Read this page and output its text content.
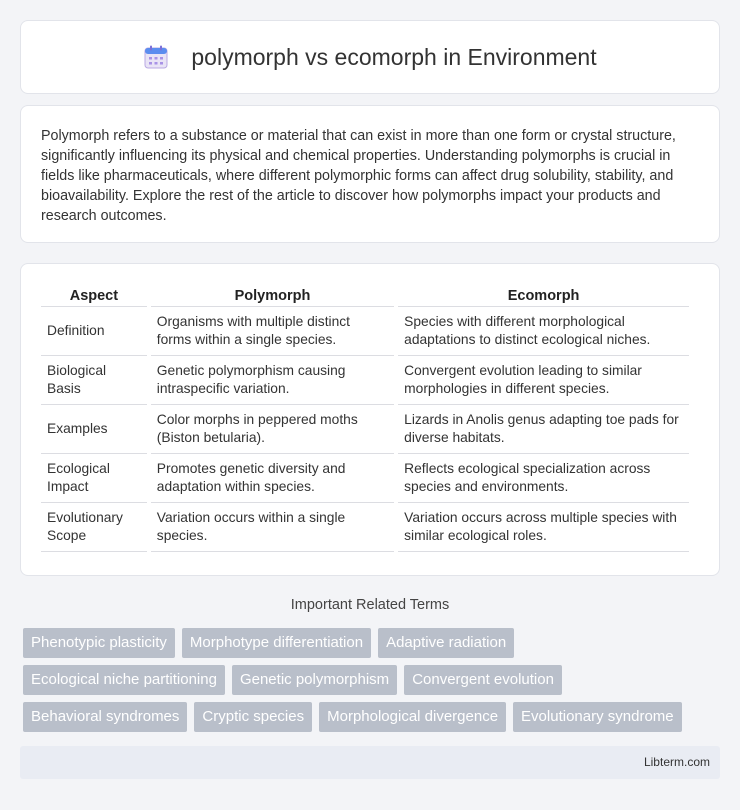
polymorph vs ecomorph in Environment

Polymorph refers to a substance or material that can exist in more than one form or crystal structure, significantly influencing its physical and chemical properties. Understanding polymorphs is crucial in fields like pharmaceuticals, where different polymorphic forms can affect drug solubility, stability, and bioavailability. Explore the rest of the article to discover how polymorphs impact your products and research outcomes.

Aspect	Polymorph	Ecomorph
Definition	Organisms with multiple distinct forms within a single species.	Species with different morphological adaptations to distinct ecological niches.
Biological Basis	Genetic polymorphism causing intraspecific variation.	Convergent evolution leading to similar morphologies in different species.
Examples	Color morphs in peppered moths (Biston betularia).	Lizards in Anolis genus adapting toe pads for diverse habitats.
Ecological Impact	Promotes genetic diversity and adaptation within species.	Reflects ecological specialization across species and environments.
Evolutionary Scope	Variation occurs within a single species.	Variation occurs across multiple species with similar ecological roles.
Important Related Terms
Phenotypic plasticity	Morphotype differentiation	Adaptive radiation
Ecological niche partitioning	Genetic polymorphism	Convergent evolution
Behavioral syndromes	Cryptic species	Morphological divergence	Evolutionary syndrome
Libterm.com
